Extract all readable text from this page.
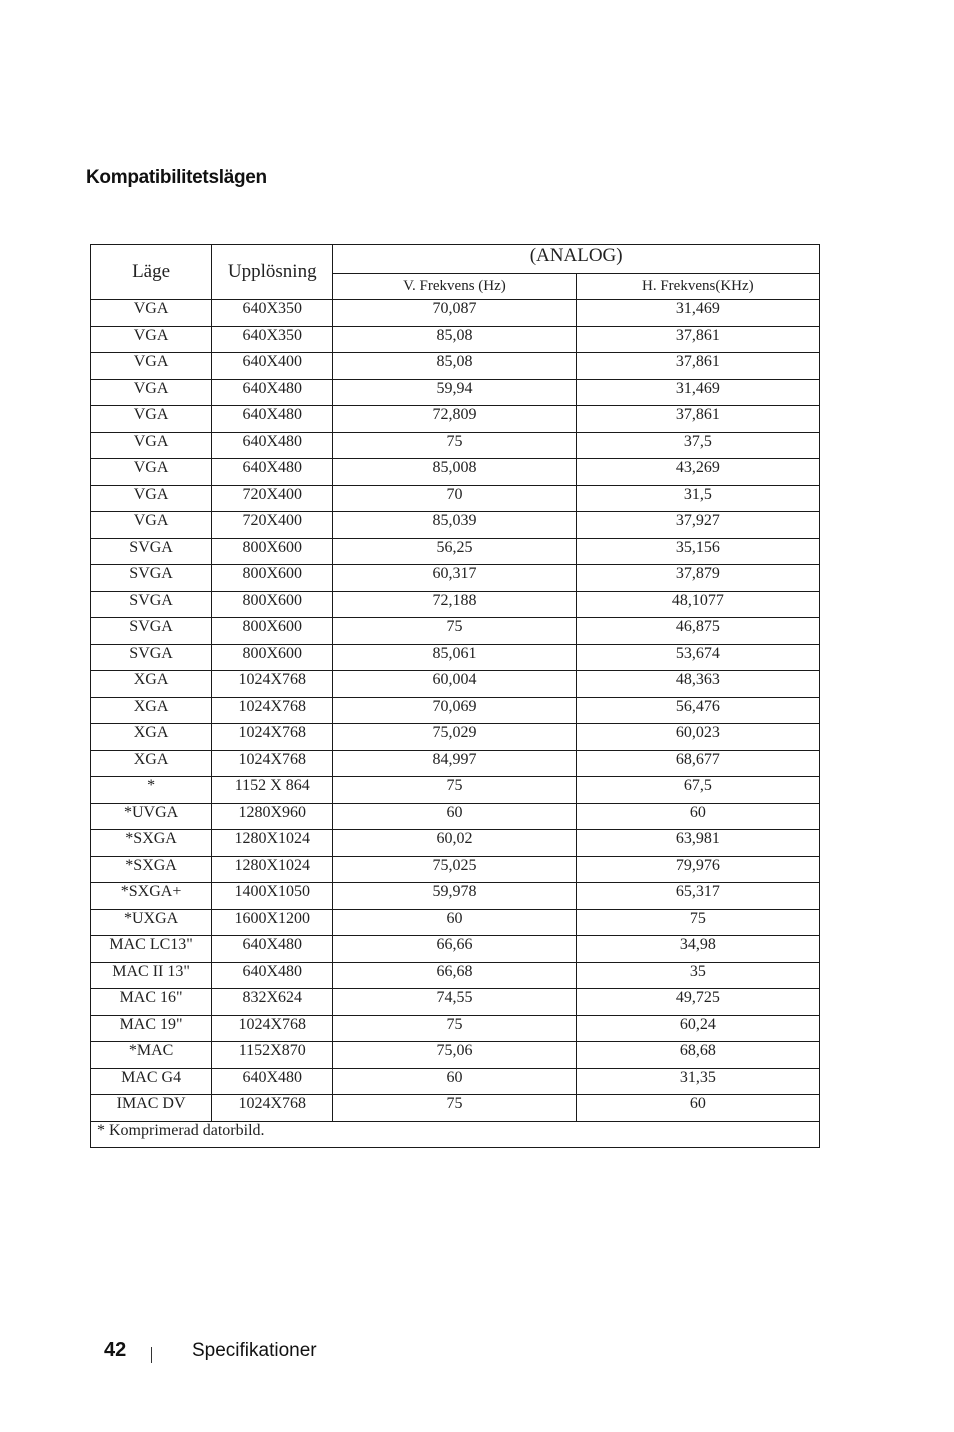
Kompatibilitetslägen
Läge	Upplösning	(ANALOG)	
		V. Frekvens (Hz)	H. Frekvens(KHz)
VGA	640X350	70,087	31,469
VGA	640X350	85,08	37,861
VGA	640X400	85,08	37,861
VGA	640X480	59,94	31,469
VGA	640X480	72,809	37,861
VGA	640X480	75	37,5
VGA	640X480	85,008	43,269
VGA	720X400	70	31,5
VGA	720X400	85,039	37,927
SVGA	800X600	56,25	35,156
SVGA	800X600	60,317	37,879
SVGA	800X600	72,188	48,1077
SVGA	800X600	75	46,875
SVGA	800X600	85,061	53,674
XGA	1024X768	60,004	48,363
XGA	1024X768	70,069	56,476
XGA	1024X768	75,029	60,023
XGA	1024X768	84,997	68,677
*	1152 X 864	75	67,5
*UVGA	1280X960	60	60
*SXGA	1280X1024	60,02	63,981
*SXGA	1280X1024	75,025	79,976
*SXGA+	1400X1050	59,978	65,317
*UXGA	1600X1200	60	75
MAC LC13"	640X480	66,66	34,98
MAC II 13"	640X480	66,68	35
MAC 16"	832X624	74,55	49,725
MAC 19"	1024X768	75	60,24
*MAC	1152X870	75,06	68,68
MAC G4	640X480	60	31,35
IMAC DV	1024X768	75	60
* Komprimerad datorbild.			
42	Specifikationer
